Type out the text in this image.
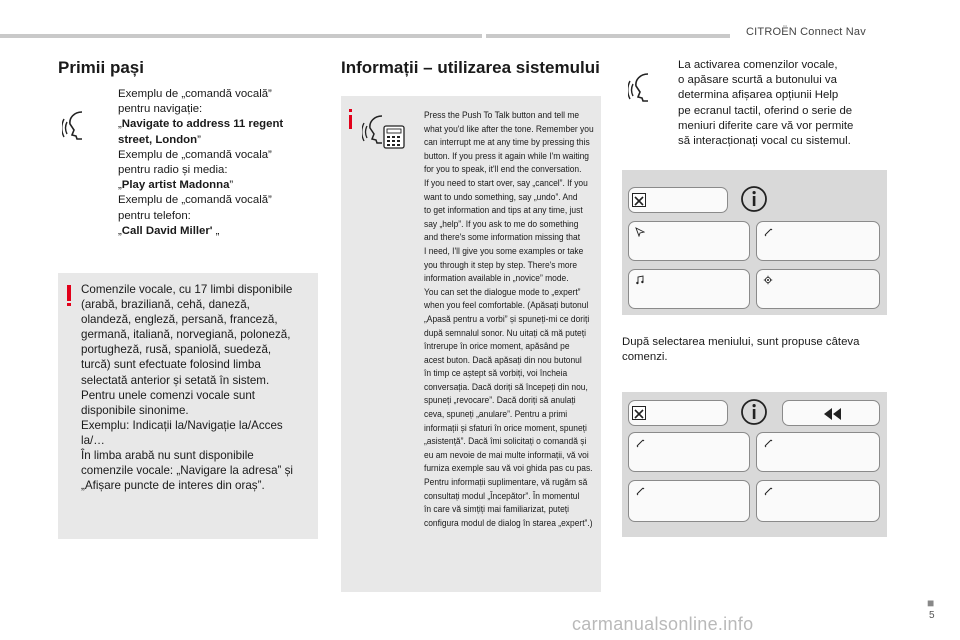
CITROËN Connect Nav
Primii pași
Exemplu de „comandă vocală”
pentru navigație:
„Navigate to address 11 regent
street, London”
Exemplu de „comandă vocala”
pentru radio și media:
„Play artist Madonna”
Exemplu de „comandă vocală”
pentru telefon:
„Call David Miller' „
Comenzile vocale, cu 17 limbi disponibile
(arabă, braziliană, cehă, daneză,
olandeză, engleză, persană, franceză,
germană, italiană, norvegiană, poloneză,
portugheză, rusă, spaniolă, suedeză,
turcă) sunt efectuate folosind limba
selectată anterior și setată în sistem.
Pentru unele comenzi vocale sunt
disponibile sinonime.
Exemplu: Indicații la/Navigație la/Acces
la/…
În limba arabă nu sunt disponibile
comenzile vocale: „Navigare la adresa” și
„Afișare puncte de interes din oraș”.
Informații – utilizarea sistemului
Press the Push To Talk button and tell me
what you'd like after the tone. Remember you
can interrupt me at any time by pressing this
button. If you press it again while I'm waiting
for you to speak, it'll end the conversation.
If you need to start over, say „cancel”. If you
want to undo something, say „undo”. And
to get information and tips at any time, just
say „help”. If you ask to me do something
and there's some information missing that
I need, I'll give you some examples or take
you through it step by step. There's more
information available in „novice” mode.
You can set the dialogue mode to „expert”
when you feel comfortable. (Apăsați butonul
„Apasă pentru a vorbi” și spuneți-mi ce doriți
după semnalul sonor. Nu uitați că mă puteți
întrerupe în orice moment, apăsând pe
acest buton. Dacă apăsați din nou butonul
în timp ce aștept să vorbiți, voi încheia
conversația. Dacă doriți să începeți din nou,
spuneți „revocare”. Dacă doriți să anulați
ceva, spuneți „anulare”. Pentru a primi
informații și sfaturi în orice moment, spuneți
„asistență”. Dacă îmi solicitați o comandă și
eu am nevoie de mai multe informații, vă voi
furniza exemple sau vă voi ghida pas cu pas.
Pentru informații suplimentare, vă rugăm să
consultați modul „Începător”. În momentul
în care vă simțiți mai familiarizat, puteți
configura modul de dialog în starea „expert”.)
La activarea comenzilor vocale,
o apăsare scurtă a butonului va
determina afișarea opțiunii Help
pe ecranul tactil, oferind o serie de
meniuri diferite care vă vor permite
să interacționați vocal cu sistemul.
După selectarea meniului, sunt propuse câteva
comenzi.
carmanualsonline.info
■
5
